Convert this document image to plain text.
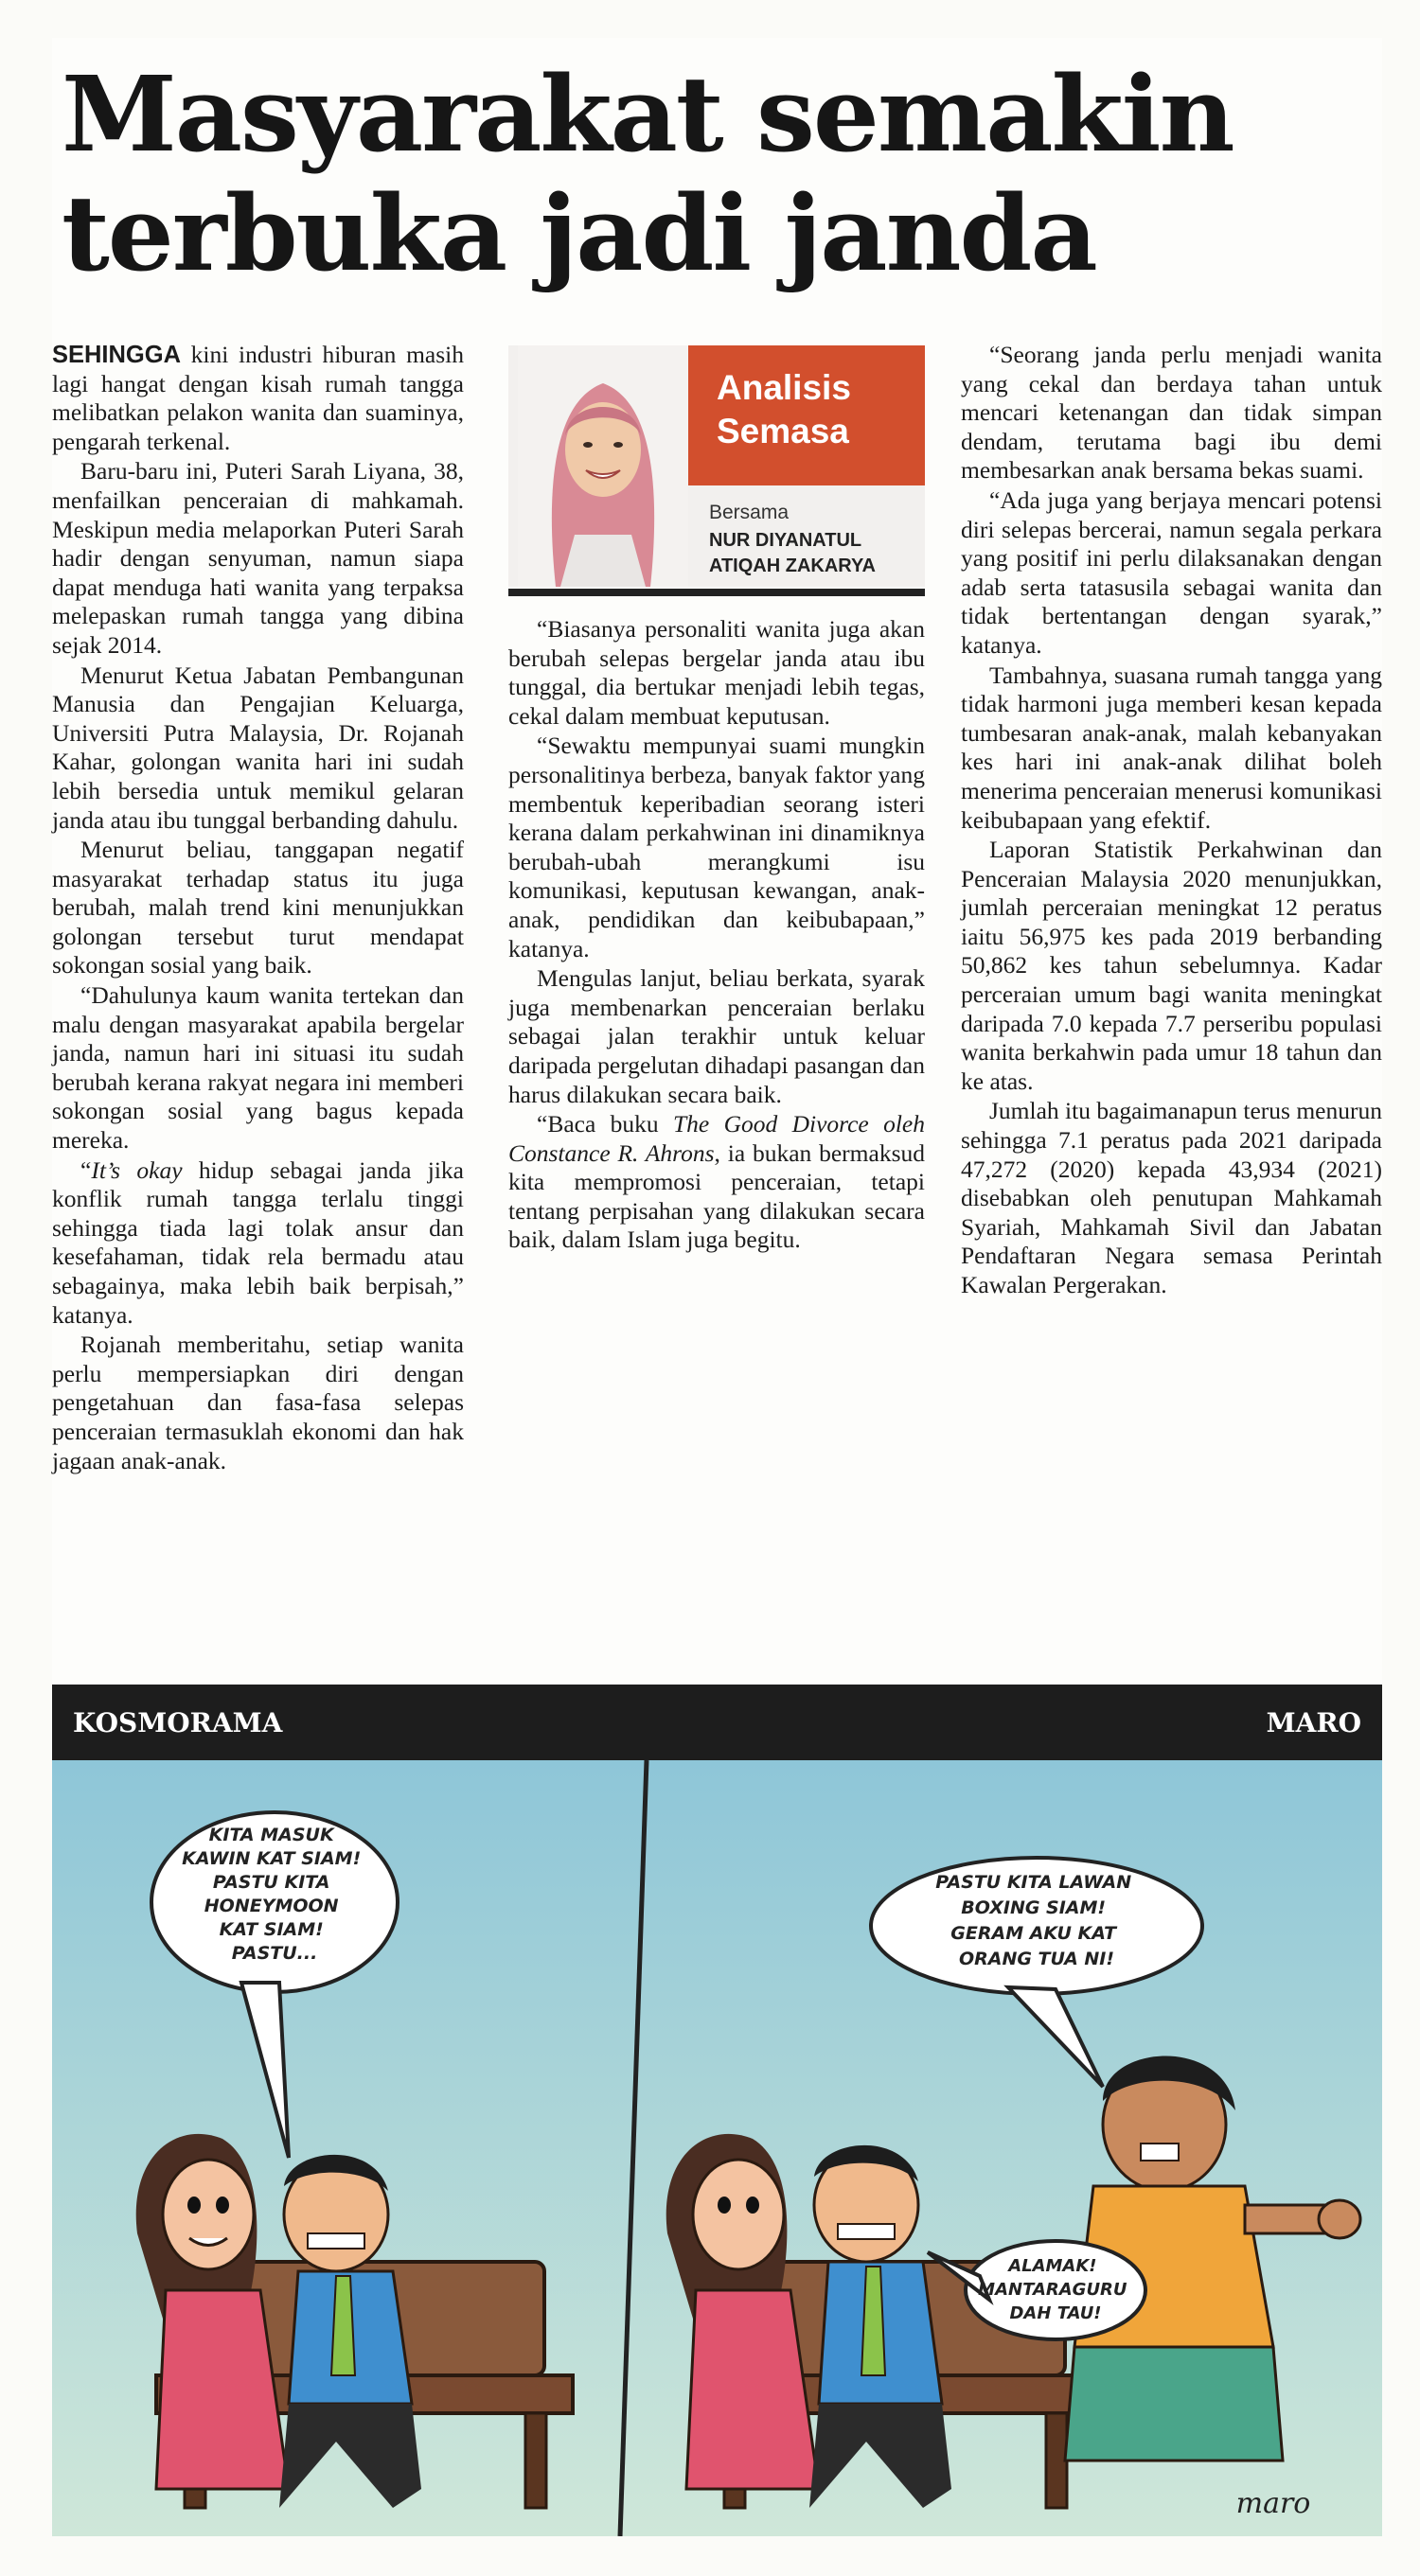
Masyarakat semakin
terbuka jadi janda

SEHINGGA kini industri hiburan masih lagi hangat dengan kisah rumah tangga melibatkan pelakon wanita dan suaminya, pengarah terkenal.

Baru-baru ini, Puteri Sarah Liyana, 38, menfailkan penceraian di mahkamah. Meskipun media melaporkan Puteri Sarah hadir dengan senyuman, namun siapa dapat menduga hati wanita yang terpaksa melepaskan rumah tangga yang dibina sejak 2014.

Menurut Ketua Jabatan Pembangunan Manusia dan Pengajian Keluarga, Universiti Putra Malaysia, Dr. Rojanah Kahar, golongan wanita hari ini sudah lebih bersedia untuk memikul gelaran janda atau ibu tunggal berbanding dahulu.

Menurut beliau, tanggapan negatif masyarakat terhadap status itu juga berubah, malah trend kini menunjukkan golongan tersebut turut mendapat sokongan sosial yang baik.

“Dahulunya kaum wanita tertekan dan malu dengan masyarakat apabila bergelar janda, namun hari ini situasi itu sudah berubah kerana rakyat negara ini memberi sokongan sosial yang bagus kepada mereka.

“It’s okay hidup sebagai janda jika konflik rumah tangga terlalu tinggi sehingga tiada lagi tolak ansur dan kesefahaman, tidak rela bermadu atau sebagainya, maka lebih baik berpisah,” katanya.

Rojanah memberitahu, setiap wanita perlu mempersiapkan diri dengan pengetahuan dan fasa-fasa selepas penceraian termasuklah ekonomi dan hak jagaan anak-anak.

Analisis
Semasa
Bersama
NUR DIYANATUL
ATIQAH ZAKARYA

“Biasanya personaliti wanita juga akan berubah selepas bergelar janda atau ibu tunggal, dia bertukar menjadi lebih tegas, cekal dalam membuat keputusan.

“Sewaktu mempunyai suami mungkin personalitinya berbeza, banyak faktor yang membentuk keperibadian seorang isteri kerana dalam perkahwinan ini dinamiknya berubah-ubah merangkumi isu komunikasi, keputusan kewangan, anak-anak, pendidikan dan keibubapaan,” katanya.

Mengulas lanjut, beliau berkata, syarak juga membenarkan penceraian berlaku sebagai jalan terakhir untuk keluar daripada pergelutan dihadapi pasangan dan harus dilakukan secara baik.

“Baca buku The Good Divorce oleh Constance R. Ahrons, ia bukan bermaksud kita mempromosi penceraian, tetapi tentang perpisahan yang dilakukan secara baik, dalam Islam juga begitu.

“Seorang janda perlu menjadi wanita yang cekal dan berdaya tahan untuk mencari ketenangan dan tidak simpan dendam, terutama bagi ibu demi membesarkan anak bersama bekas suami.

“Ada juga yang berjaya mencari potensi diri selepas bercerai, namun segala perkara yang positif ini perlu dilaksanakan dengan adab serta tatasusila sebagai wanita dan tidak bertentangan dengan syarak,” katanya.

Tambahnya, suasana rumah tangga yang tidak harmoni juga memberi kesan kepada tumbesaran anak-anak, malah kebanyakan kes hari ini anak-anak dilihat boleh menerima penceraian menerusi komunikasi keibubapaan yang efektif.

Laporan Statistik Perkahwinan dan Penceraian Malaysia 2020 menunjukkan, jumlah perceraian meningkat 12 peratus iaitu 56,975 kes pada 2019 berbanding 50,862 kes tahun sebelumnya. Kadar perceraian umum bagi wanita meningkat daripada 7.0 kepada 7.7 perseribu populasi wanita berkahwin pada umur 18 tahun dan ke atas.

Jumlah itu bagaimanapun terus menurun sehingga 7.1 peratus pada 2021 daripada 47,272 (2020) kepada 43,934 (2021) disebabkan oleh penutupan Mahkamah Syariah, Mahkamah Sivil dan Jabatan Pendaftaran Negara semasa Perintah Kawalan Pergerakan.

KOSMORAMA	MARO
KITA MASUK KAWIN KAT SIAM! PASTU KITA HONEYMOON KAT SIAM! PASTU...
PASTU KITA LAWAN BOXING SIAM! GERAM AKU KAT ORANG TUA NI!
ALAMAK! MANTARAGURU DAH TAU!
maro
